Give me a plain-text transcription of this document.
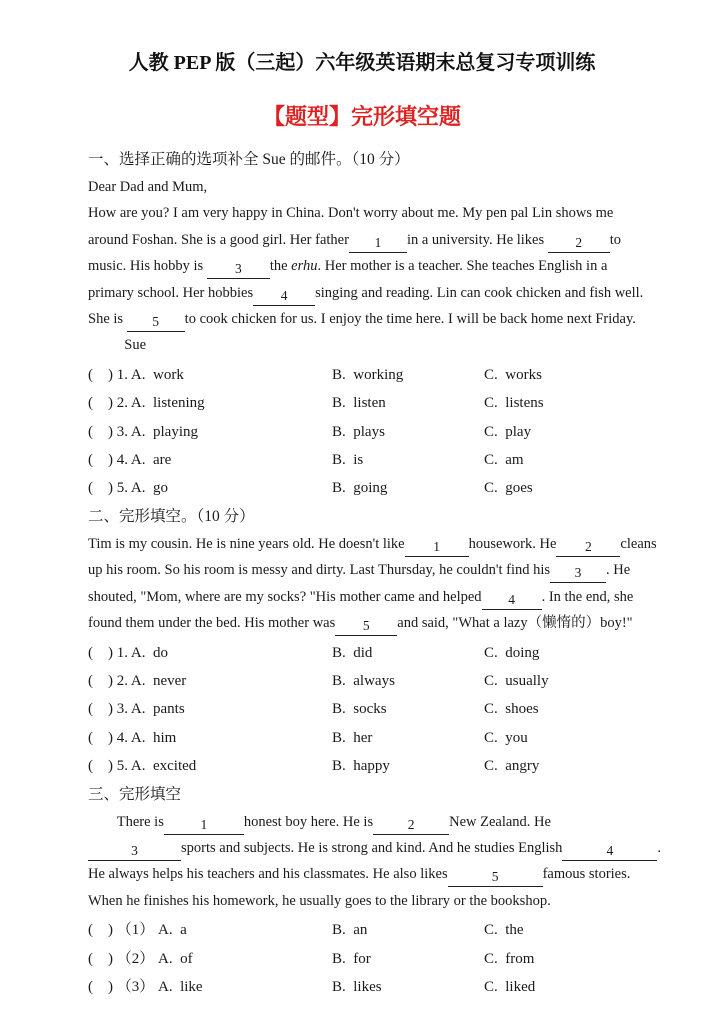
人教 PEP 版（三起）六年级英语期末总复习专项训练
【题型】完形填空题
一、选择正确的选项补全 Sue 的邮件。（10 分）
Dear Dad and Mum,
How are you? I am very happy in China. Don't worry about me. My pen pal Lin shows me
around Foshan. She is a good girl. Her father 1 in a university. He likes 2 to
music. His hobby is 3 the erhu. Her mother is a teacher. She teaches English in a
primary school. Her hobbies 4 singing and reading. Lin can cook chicken and fish well.
She is 5 to cook chicken for us. I enjoy the time here. I will be back home next Friday.
Sue
(    ) 1. A.  work	B.  working	C.  works
(    ) 2. A.  listening	B.  listen	C.  listens
(    ) 3. A.  playing	B.  plays	C.  play
(    ) 4. A.  are	B.  is	C.  am
(    ) 5. A.  go	B.  going	C.  goes
二、完形填空。（10 分）
Tim is my cousin. He is nine years old. He doesn't like 1 housework. He 2 cleans
up his room. So his room is messy and dirty. Last Thursday, he couldn't find his 3 . He
shouted, "Mom, where are my socks? "His mother came and helped 4 . In the end, she
found them under the bed. His mother was 5 and said, "What a lazy（懒惰的）boy!"
(    ) 1. A.  do	B.  did	C.  doing
(    ) 2. A.  never	B.  always	C.  usually
(    ) 3. A.  pants	B.  socks	C.  shoes
(    ) 4. A.  him	B.  her	C.  you
(    ) 5. A.  excited	B.  happy	C.  angry
三、完形填空
There is	1	honest boy here. He is	2 New Zealand. He
3	sports and subjects. He is strong and kind. And he studies English	4	.
He always helps his teachers and his classmates. He also likes	5	famous stories.
When he finishes his homework, he usually goes to the library or the bookshop.
(    ) （1） A.  a	B.  an	C.  the
(    ) （2） A.  of	B.  for	C.  from
(    ) （3） A.  like	B.  likes	C.  liked
